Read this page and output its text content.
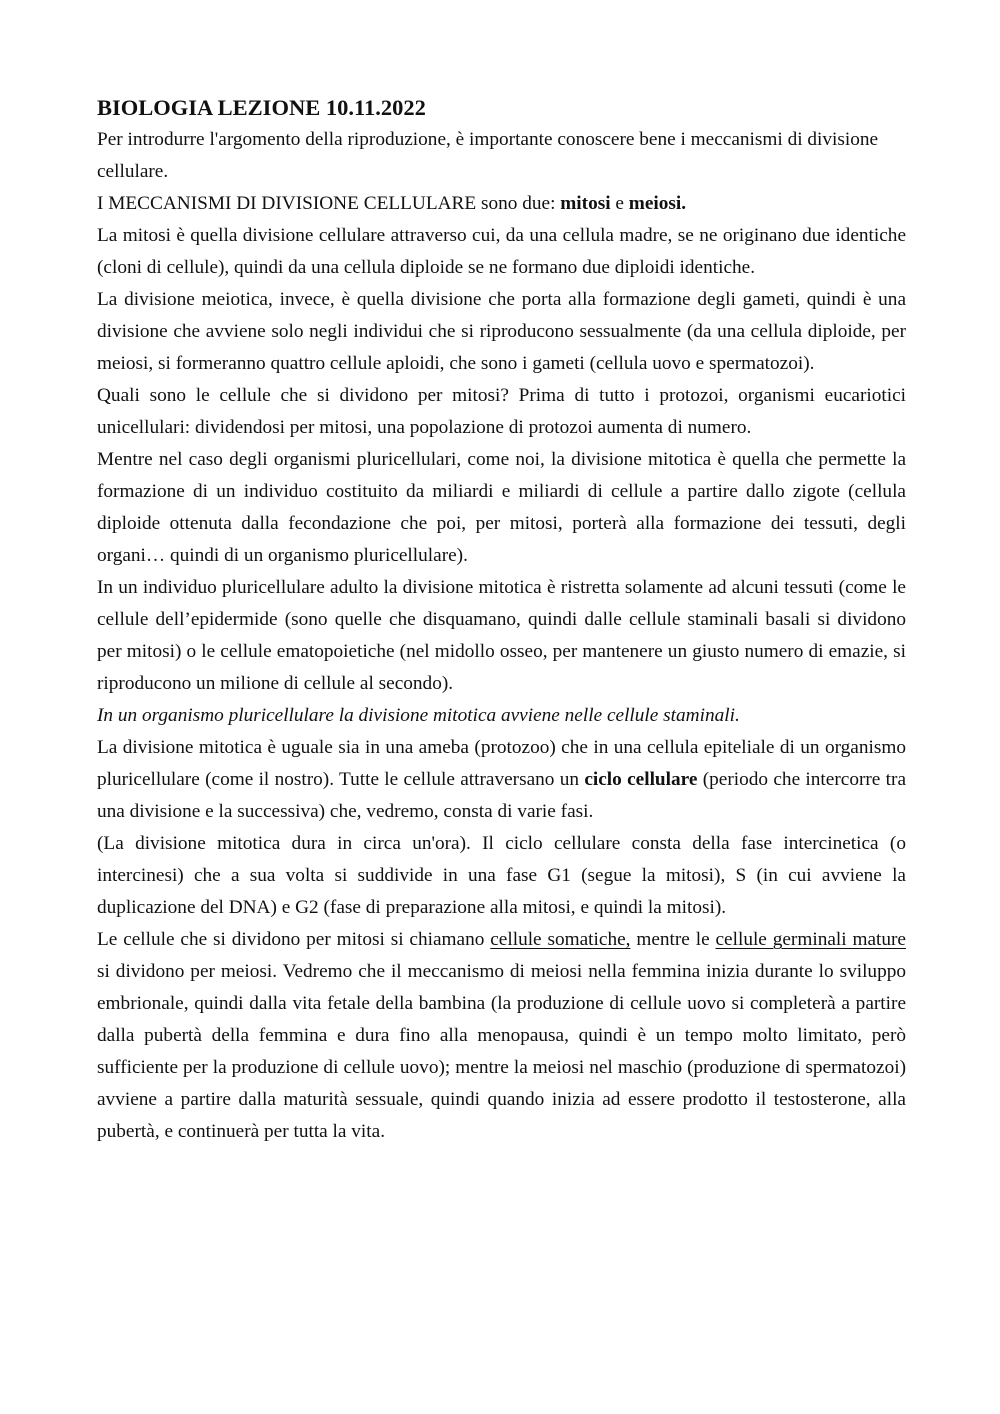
BIOLOGIA LEZIONE 10.11.2022

Per introdurre l'argomento della riproduzione, è importante conoscere bene i meccanismi di divisione cellulare.

I MECCANISMI DI DIVISIONE CELLULARE sono due: mitosi e meiosi.

La mitosi è quella divisione cellulare attraverso cui, da una cellula madre, se ne originano due identiche (cloni di cellule), quindi da una cellula diploide se ne formano due diploidi identiche.

La divisione meiotica, invece, è quella divisione che porta alla formazione degli gameti, quindi è una divisione che avviene solo negli individui che si riproducono sessualmente (da una cellula diploide, per meiosi, si formeranno quattro cellule aploidi, che sono i gameti (cellula uovo e spermatozoi).

Quali sono le cellule che si dividono per mitosi? Prima di tutto i protozoi, organismi eucariotici unicellulari: dividendosi per mitosi, una popolazione di protozoi aumenta di numero.

Mentre nel caso degli organismi pluricellulari, come noi, la divisione mitotica è quella che permette la formazione di un individuo costituito da miliardi e miliardi di cellule a partire dallo zigote (cellula diploide ottenuta dalla fecondazione che poi, per mitosi, porterà alla formazione dei tessuti, degli organi… quindi di un organismo pluricellulare).

In un individuo pluricellulare adulto la divisione mitotica è ristretta solamente ad alcuni tessuti (come le cellule dell’epidermide (sono quelle che disquamano, quindi dalle cellule staminali basali si dividono per mitosi) o le cellule ematopoietiche (nel midollo osseo, per mantenere un giusto numero di emazie, si riproducono un milione di cellule al secondo).

In un organismo pluricellulare la divisione mitotica avviene nelle cellule staminali.

La divisione mitotica è uguale sia in una ameba (protozoo) che in una cellula epiteliale di un organismo pluricellulare (come il nostro). Tutte le cellule attraversano un ciclo cellulare (periodo che intercorre tra una divisione e la successiva) che, vedremo, consta di varie fasi.

(La divisione mitotica dura in circa un'ora). Il ciclo cellulare consta della fase intercinetica (o intercinesi) che a sua volta si suddivide in una fase G1 (segue la mitosi), S (in cui avviene la duplicazione del DNA) e G2 (fase di preparazione alla mitosi, e quindi la mitosi).

Le cellule che si dividono per mitosi si chiamano cellule somatiche, mentre le cellule germinali mature si dividono per meiosi. Vedremo che il meccanismo di meiosi nella femmina inizia durante lo sviluppo embrionale, quindi dalla vita fetale della bambina (la produzione di cellule uovo si completerà a partire dalla pubertà della femmina e dura fino alla menopausa, quindi è un tempo molto limitato, però sufficiente per la produzione di cellule uovo); mentre la meiosi nel maschio (produzione di spermatozoi) avviene a partire dalla maturità sessuale, quindi quando inizia ad essere prodotto il testosterone, alla pubertà, e continuerà per tutta la vita.
